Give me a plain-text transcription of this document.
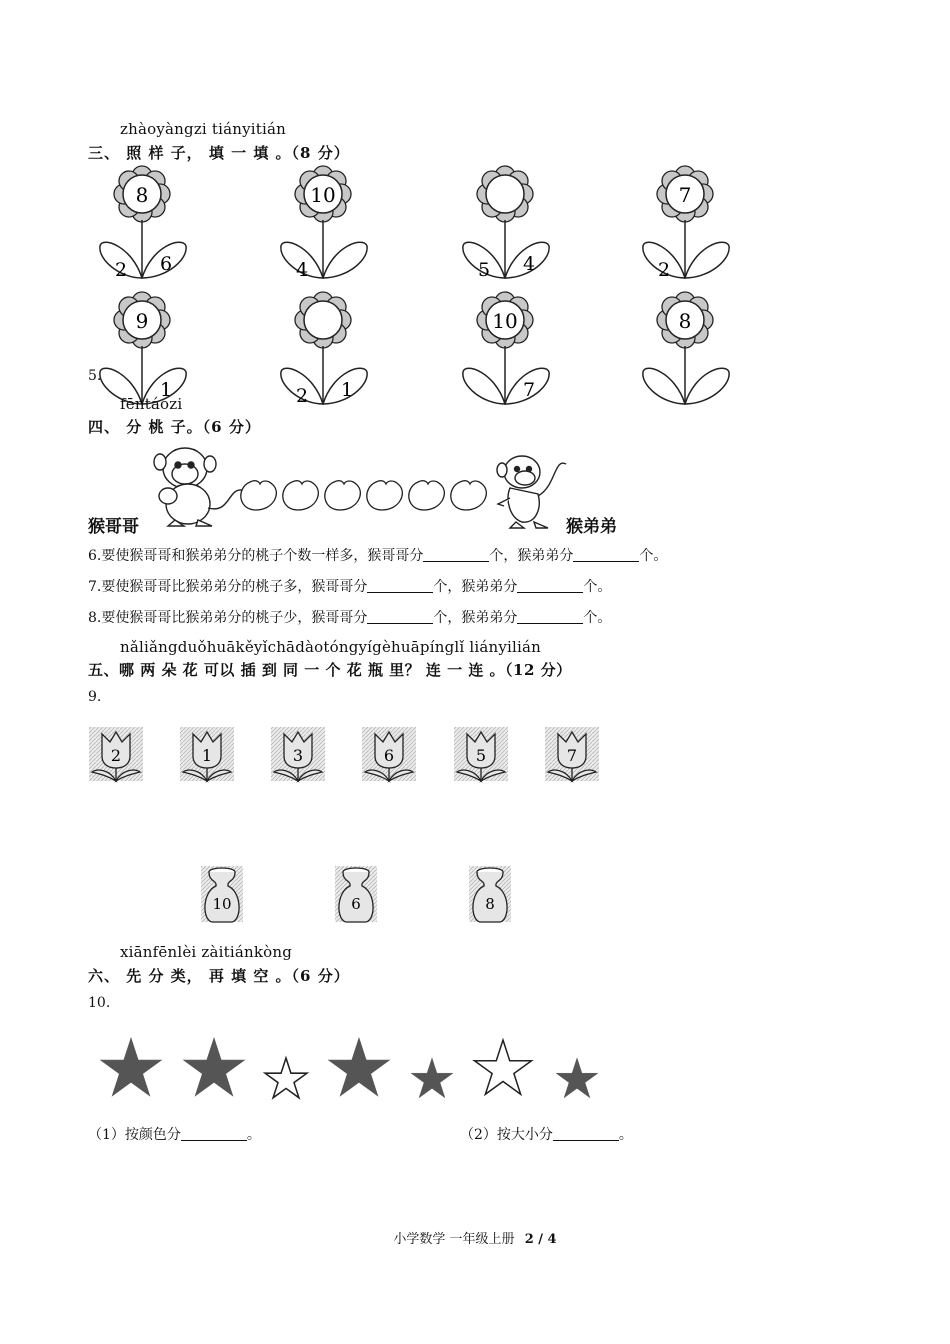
zhàoyàngzi tiányitián
三、 照 样 子， 填 一 填 。（8 分）
8
2 6
10
4	5 4
7
2
9
1	2 1
10
7
8
5.
fēntáozi
四、 分 桃 子。（6 分）
猴哥哥	猴弟弟
6.要使猴哥哥和猴弟弟分的桃子个数一样多，猴哥哥分	个，猴弟弟分	个。
7.要使猴哥哥比猴弟弟分的桃子多，猴哥哥分	个，猴弟弟分	个。
8.要使猴哥哥比猴弟弟分的桃子少，猴哥哥分	个，猴弟弟分	个。
nǎliǎngduǒhuākěyǐchādàotóngyígèhuāpínglǐ liányilián
五、哪 两 朵 花 可以 插 到 同 一 个 花 瓶 里？ 连 一 连 。（12 分）
9.
2	1	3	6	5	7
10	6	8
xiānfēnlèi zàitiánkòng
六、 先 分 类， 再 填 空 。（6 分）
10.
（1）按颜色分	。	（2）按大小分	。
小学数学 一年级上册 2 / 4
